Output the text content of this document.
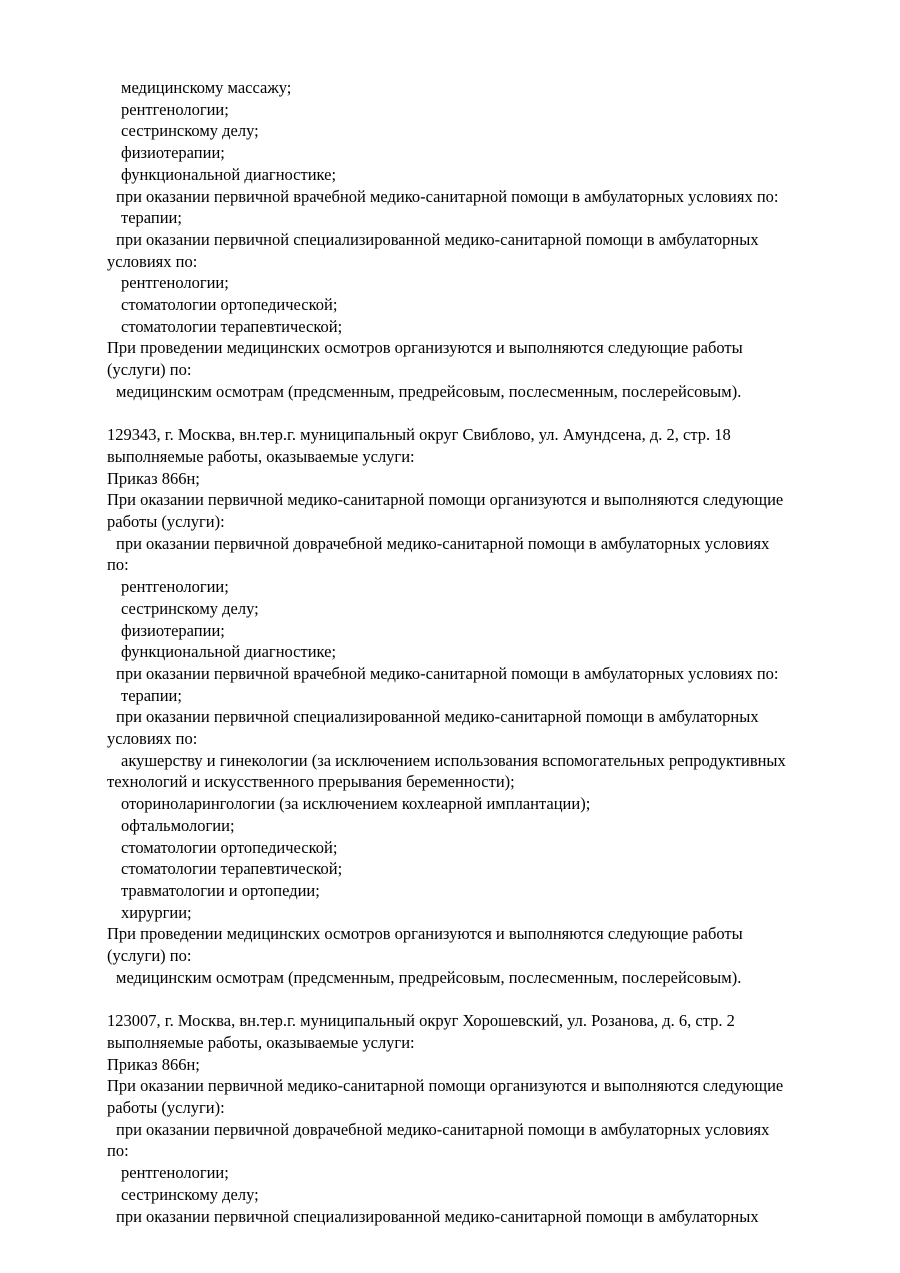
медицинскому массажу;
рентгенологии;
сестринскому делу;
физиотерапии;
функциональной диагностике;
при оказании первичной врачебной медико-санитарной помощи в амбулаторных условиях по:
терапии;
при оказании первичной специализированной медико-санитарной помощи в амбулаторных
условиях по:
рентгенологии;
стоматологии ортопедической;
стоматологии терапевтической;
При проведении медицинских осмотров организуются и выполняются следующие работы
(услуги) по:
медицинским осмотрам (предсменным, предрейсовым, послесменным, послерейсовым).
129343, г. Москва, вн.тер.г. муниципальный округ Свиблово, ул. Амундсена, д. 2, стр. 18
выполняемые работы, оказываемые услуги:
Приказ 866н;
При оказании первичной медико-санитарной помощи организуются и выполняются следующие
работы (услуги):
при оказании первичной доврачебной медико-санитарной помощи в амбулаторных условиях
по:
рентгенологии;
сестринскому делу;
физиотерапии;
функциональной диагностике;
при оказании первичной врачебной медико-санитарной помощи в амбулаторных условиях по:
терапии;
при оказании первичной специализированной медико-санитарной помощи в амбулаторных
условиях по:
акушерству и гинекологии (за исключением использования вспомогательных репродуктивных
технологий и искусственного прерывания беременности);
оториноларингологии (за исключением кохлеарной имплантации);
офтальмологии;
стоматологии ортопедической;
стоматологии терапевтической;
травматологии и ортопедии;
хирургии;
При проведении медицинских осмотров организуются и выполняются следующие работы
(услуги) по:
медицинским осмотрам (предсменным, предрейсовым, послесменным, послерейсовым).
123007, г. Москва, вн.тер.г. муниципальный округ Хорошевский, ул. Розанова, д. 6, стр. 2
выполняемые работы, оказываемые услуги:
Приказ 866н;
При оказании первичной медико-санитарной помощи организуются и выполняются следующие
работы (услуги):
при оказании первичной доврачебной медико-санитарной помощи в амбулаторных условиях
по:
рентгенологии;
сестринскому делу;
при оказании первичной специализированной медико-санитарной помощи в амбулаторных
